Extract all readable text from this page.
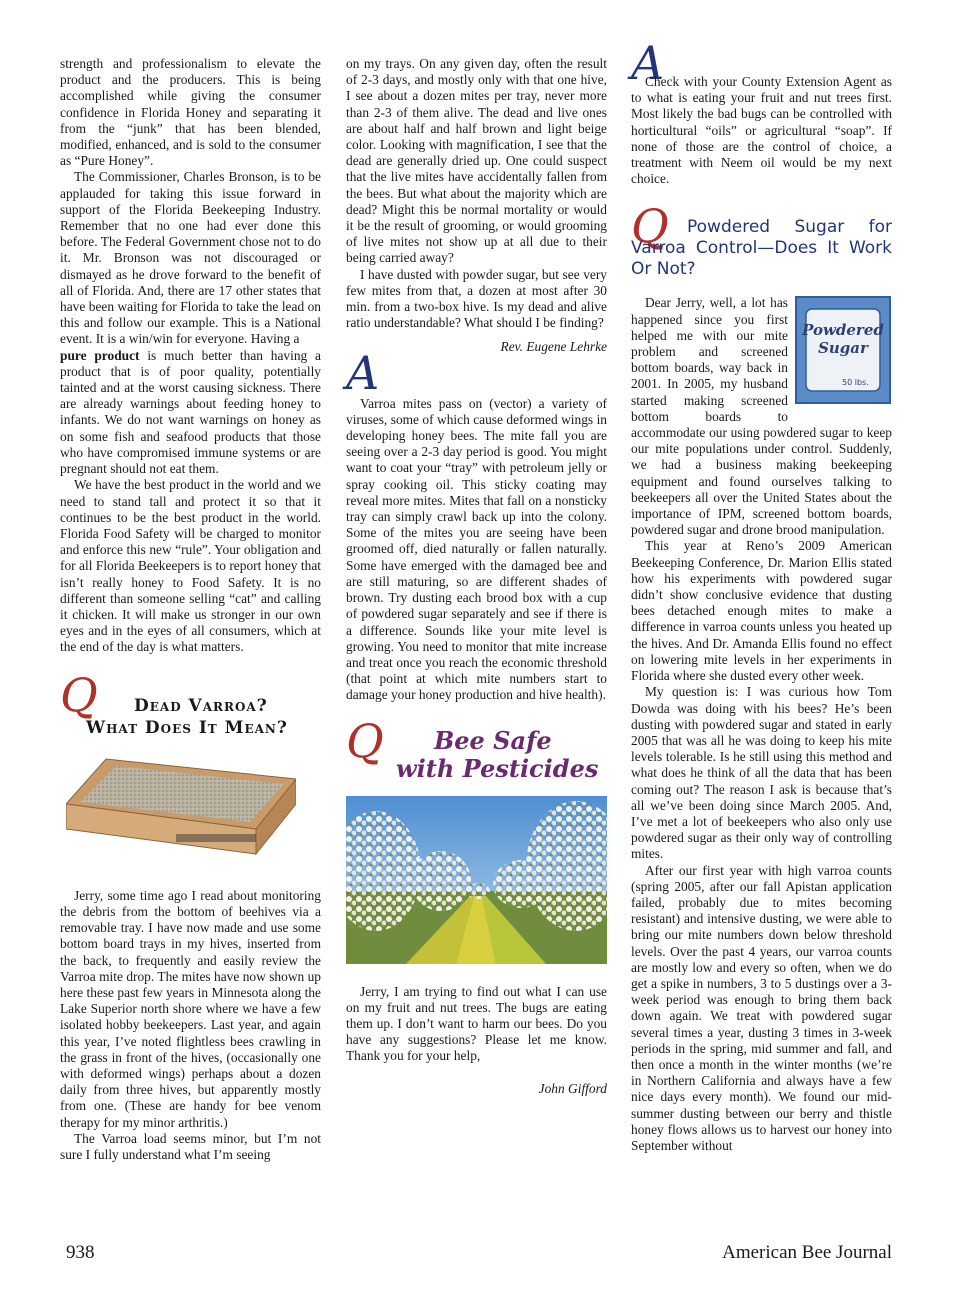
strength and professionalism to elevate the product and the producers. This is being accomplished while giving the consumer confidence in Florida Honey and separating it from the “junk” that has been blended, modified, enhanced, and is sold to the consumer as “Pure Honey”.

The Commissioner, Charles Bronson, is to be applauded for taking this issue forward in support of the Florida Beekeeping Industry. Remember that no one had ever done this before. The Federal Government chose not to do it. Mr. Bronson was not discouraged or dismayed as he drove forward to the benefit of all of Florida. And, there are 17 other states that have been waiting for Florida to take the lead on this and follow our example. This is a National event. It is a win/win for everyone. Having a

pure product is much better than having a product that is of poor quality, potentially tainted and at the worst causing sickness. There are already warnings about feeding honey to infants. We do not want warnings on honey as on some fish and seafood products that those who have compromised immune systems or are pregnant should not eat them.

We have the best product in the world and we need to stand tall and protect it so that it continues to be the best product in the world. Florida Food Safety will be charged to monitor and enforce this new “rule”. Your obligation and for all Florida Beekeepers is to report honey that isn’t really honey to Food Safety. It is no different than someone selling “cat” and calling it chicken. It will make us stronger in our own eyes and in the eyes of all consumers, which at the end of the day is what matters.

Q Dead Varroa?
What Does It Mean?

Jerry, some time ago I read about monitoring the debris from the bottom of beehives via a removable tray. I have now made and use some bottom board trays in my hives, inserted from the back, to frequently and easily review the Varroa mite drop. The mites have now shown up here these past few years in Minnesota along the Lake Superior north shore where we have a few isolated hobby beekeepers. Last year, and again this year, I’ve noted flightless bees crawling in the grass in front of the hives, (occasionally one with deformed wings) perhaps about a dozen daily from three hives, but apparently mostly from one. (These are handy for bee venom therapy for my minor arthritis.)

The Varroa load seems minor, but I’m not sure I fully understand what I’m seeing

on my trays. On any given day, often the result of 2-3 days, and mostly only with that one hive, I see about a dozen mites per tray, never more than 2-3 of them alive. The dead and live ones are about half and half brown and light beige color. Looking with magnification, I see that the dead are generally dried up. One could suspect that the live mites have accidentally fallen from the bees. But what about the majority which are dead? Might this be normal mortality or would it be the result of grooming, or would grooming of live mites not show up at all due to their being carried away?

I have dusted with powder sugar, but see very few mites from that, a dozen at most after 30 min. from a two-box hive. Is my dead and alive ratio understandable? What should I be finding?

Rev. Eugene Lehrke

A

Varroa mites pass on (vector) a variety of viruses, some of which cause deformed wings in developing honey bees. The mite fall you are seeing over a 2-3 day period is good. You might want to coat your “tray” with petroleum jelly or spray cooking oil. This sticky coating may reveal more mites. Mites that fall on a nonsticky tray can simply crawl back up into the colony. Some of the mites you are seeing have been groomed off, died naturally or fallen naturally. Some have emerged with the damaged bee and are still maturing, so are different shades of brown. Try dusting each brood box with a cup of powdered sugar separately and see if there is a difference. Sounds like your mite level is growing. You need to monitor that mite increase and treat once you reach the economic threshold (that point at which mite numbers start to damage your honey production and hive health).

Q Bee Safe
with Pesticides

Jerry, I am trying to find out what I can use on my fruit and nut trees. The bugs are eating them up. I don’t want to harm our bees. Do you have any suggestions? Please let me know. Thank you for your help,

John Gifford

A

Check with your County Extension Agent as to what is eating your fruit and nut trees first. Most likely the bad bugs can be controlled with horticultural “oils” or agricultural “soap”. If none of those are the control of choice, a treatment with Neem oil would be my next choice.

Q	Powdered Sugar for Varroa Control—Does It Work Or Not?
Powdered
Sugar
50 lbs.

Dear Jerry, well, a lot has happened since you first helped me with our mite problem and screened bottom boards, way back in 2001. In 2005, my husband started making screened bottom boards to accommodate our using powdered sugar to keep our mite populations under control. Suddenly, we had a business making beekeeping equipment and found ourselves talking to beekeepers all over the United States about the importance of IPM, screened bottom boards, powdered sugar and drone brood manipulation.

This year at Reno’s 2009 American Beekeeping Conference, Dr. Marion Ellis stated how his experiments with powdered sugar didn’t show conclusive evidence that dusting bees detached enough mites to make a difference in varroa counts unless you heated up the hives. And Dr. Amanda Ellis found no effect on lowering mite levels in her experiments in Florida where she dusted every other week.

My question is: I was curious how Tom Dowda was doing with his bees? He’s been dusting with powdered sugar and stated in early 2005 that was all he was doing to keep his mite levels tolerable. Is he still using this method and what does he think of all the data that has been coming out? The reason I ask is because that’s all we’ve been doing since March 2005. And, I’ve met a lot of beekeepers who also only use powdered sugar as their only way of controlling mites.

After our first year with high varroa counts (spring 2005, after our fall Apistan application failed, probably due to mites becoming resistant) and intensive dusting, we were able to bring our mite numbers down below threshold levels. Over the past 4 years, our varroa counts are mostly low and every so often, when we do get a spike in numbers, 3 to 5 dustings over a 3-week period was enough to bring them back down again. We treat with powdered sugar several times a year, dusting 3 times in 3-week periods in the spring, mid summer and fall, and then once a month in the winter months (we’re in Northern California and always have a few nice days every month). We found our mid-summer dusting between our berry and thistle honey flows allows us to harvest our honey into September without

938	American Bee Journal
